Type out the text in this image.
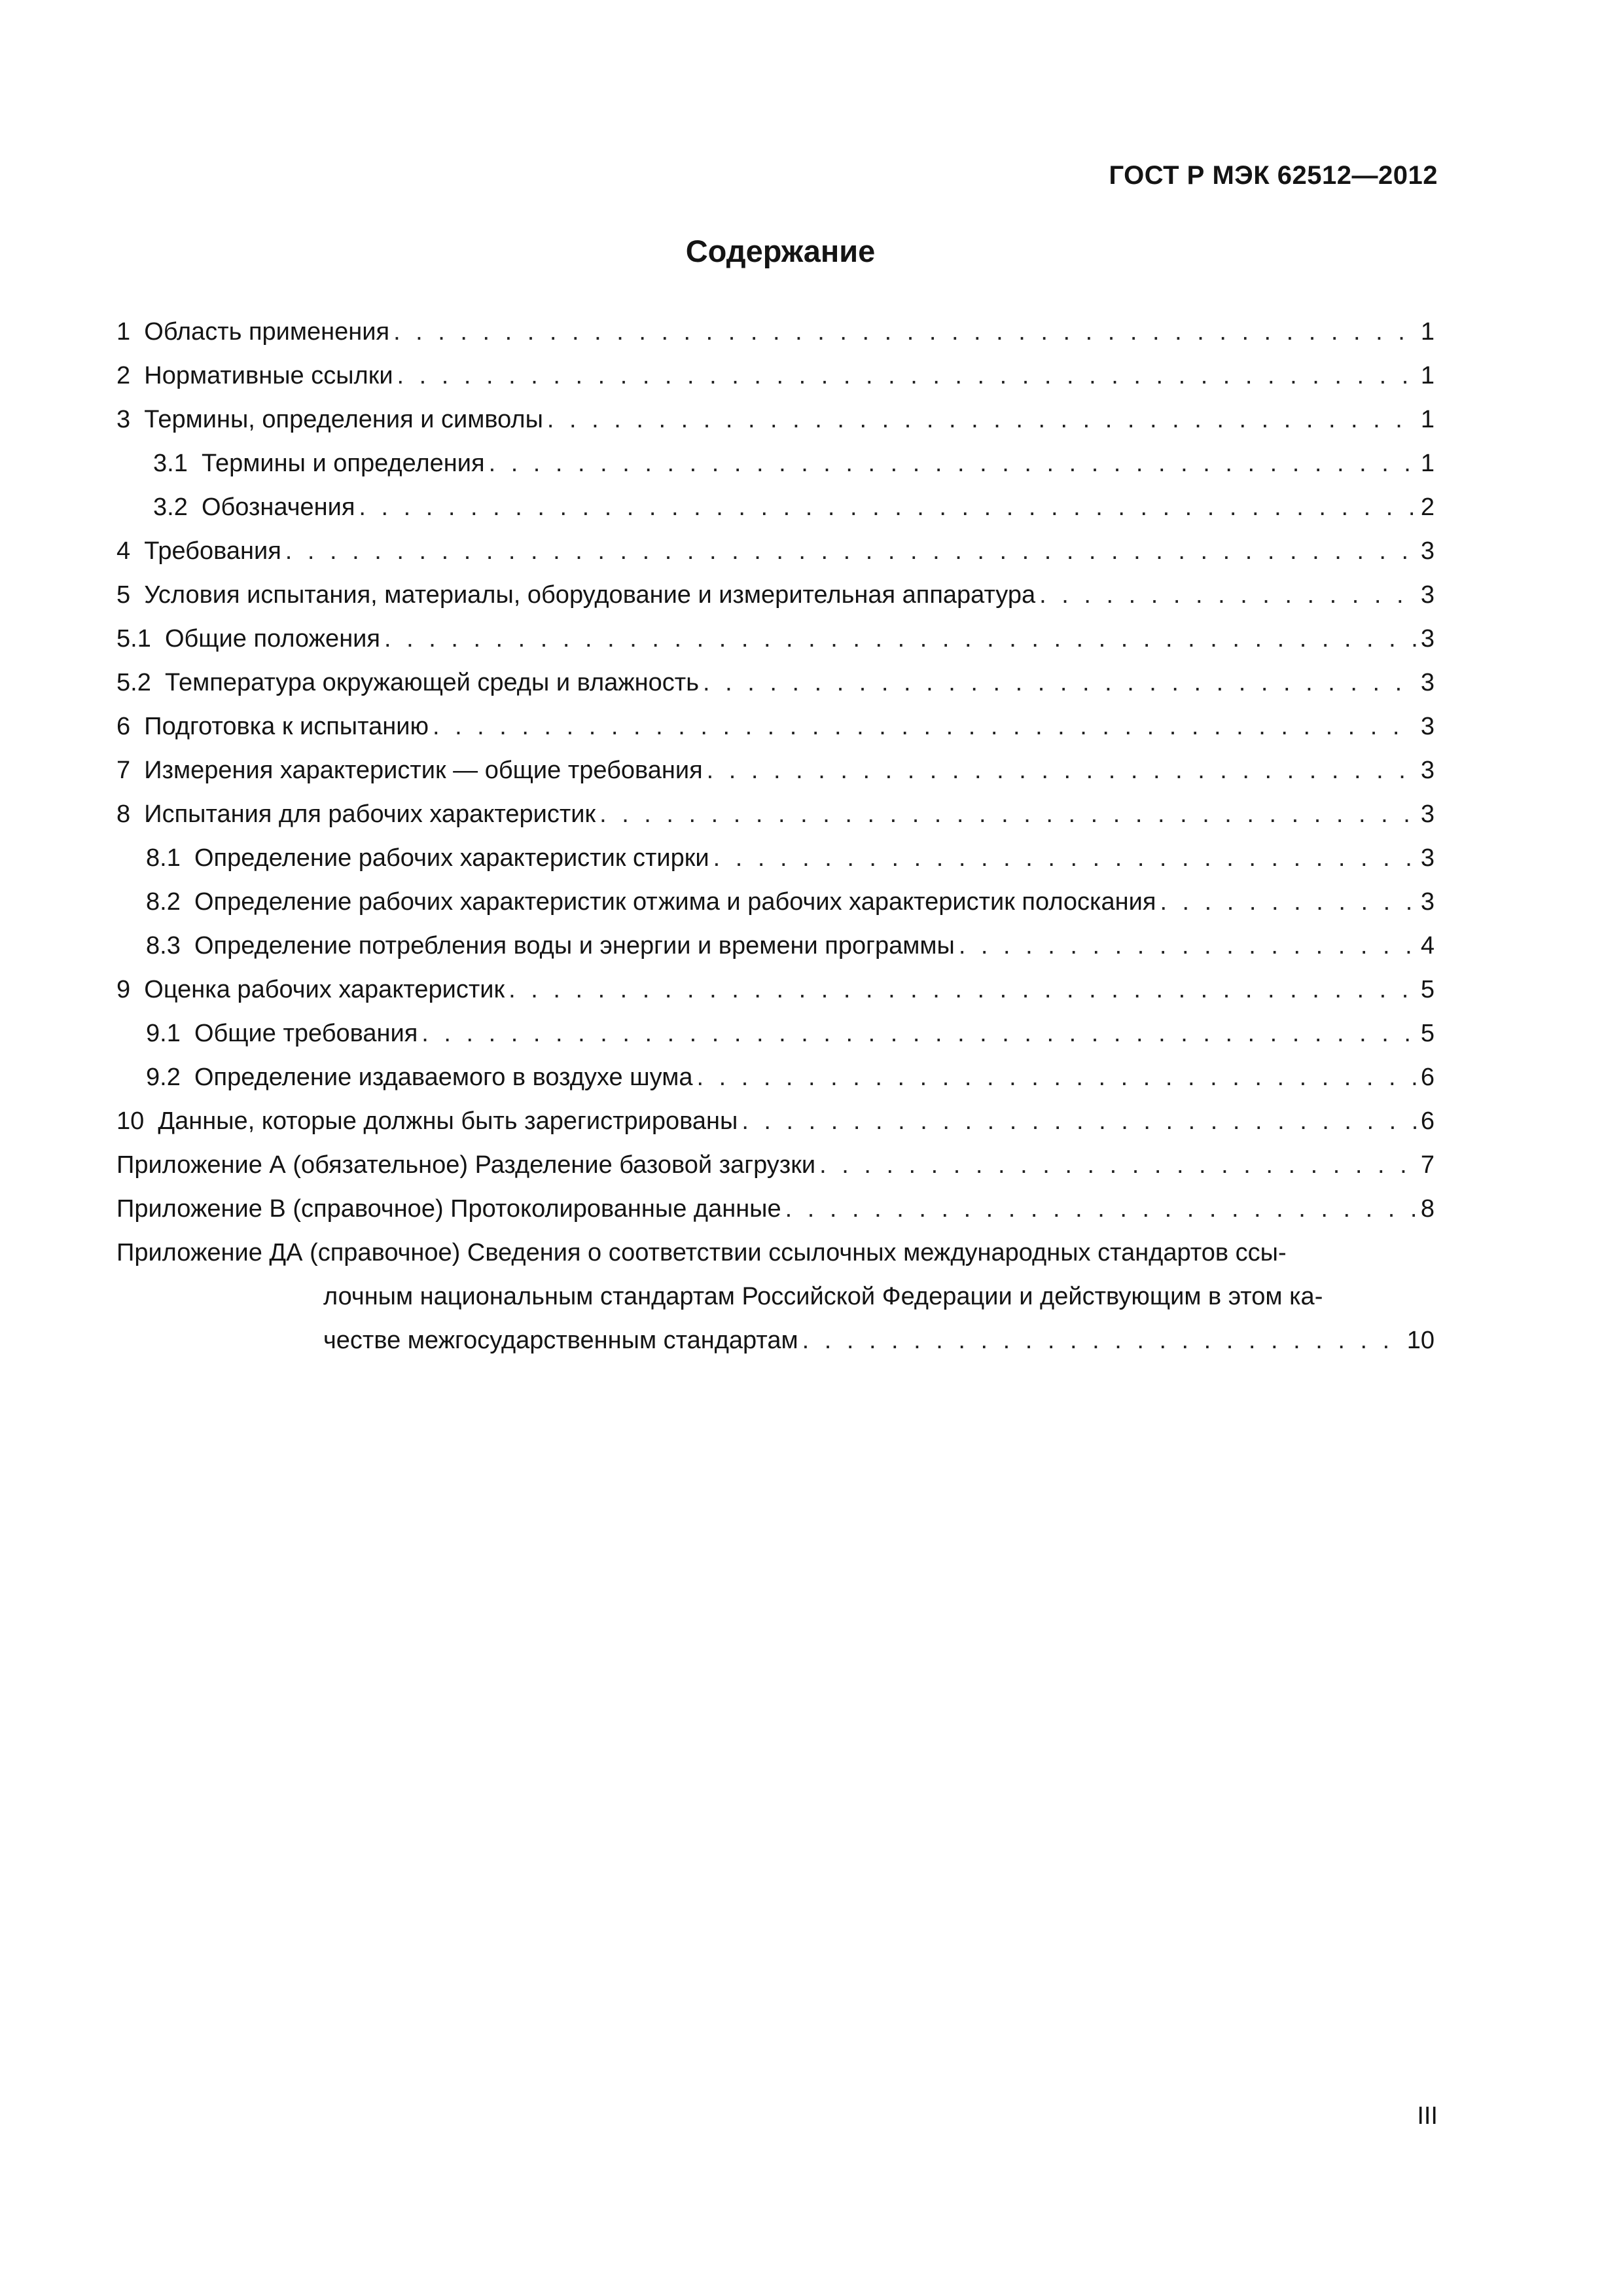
ГОСТ Р МЭК 62512—2012
Содержание
1
Область применения . . .	1
2
Нормативные ссылки . . .	1
3
Термины, определения и символы . . .	1
3.1
Термины и определения . . .	1
3.2
Обозначения . . .	2
4
Требования . . .	3
5
Условия испытания, материалы, оборудование и измерительная аппаратура . . .	3
5.1
Общие положения . . .	3
5.2
Температура окружающей среды и влажность . . .	3
6
Подготовка к испытанию . . .	3
7
Измерения характеристик — общие требования . . .	3
8
Испытания для рабочих характеристик . . .	3
8.1
Определение рабочих характеристик стирки . . .	3
8.2
Определение рабочих характеристик отжима и рабочих характеристик полоскания . . .	3
8.3
Определение потребления воды и энергии и времени программы . . .	4
9
Оценка рабочих характеристик . . .	5
9.1
Общие требования . . .	5
9.2
Определение издаваемого в воздухе шума . . .	6
10
Данные, которые должны быть зарегистрированы . . .	6
Приложение А (обязательное) Разделение базовой загрузки . . .	7
Приложение В (справочное) Протоколированные данные . . .	8
Приложение ДА (справочное) Сведения о соответствии ссылочных международных стандартов ссы-
лочным национальным стандартам Российской Федерации и действующим в этом ка-
честве межгосударственным стандартам . . .	10
III
